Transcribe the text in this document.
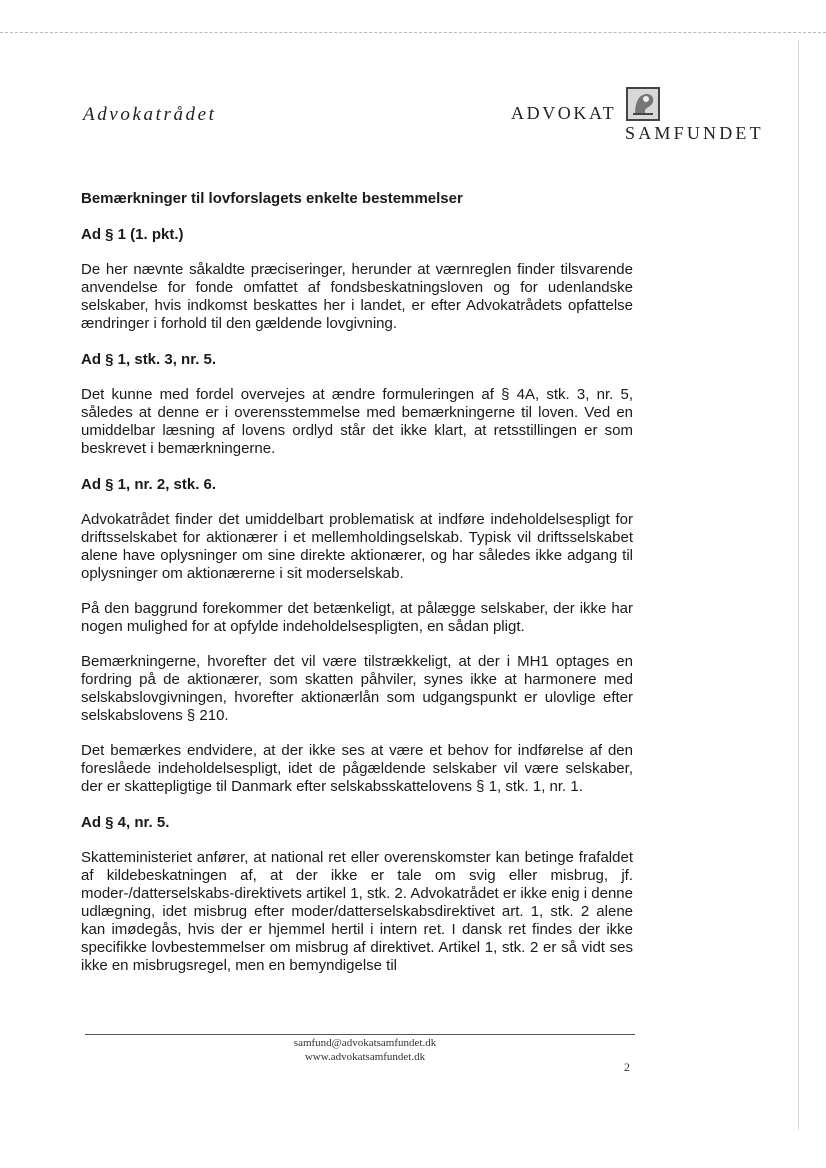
Advokatrådet	ADVOKAT
SAMFUNDET
Bemærkninger til lovforslagets enkelte bestemmelser
Ad § 1 (1. pkt.)

De her nævnte såkaldte præciseringer, herunder at værnreglen finder tilsvarende anvendelse for fonde omfattet af fondsbeskatningsloven og for udenlandske selskaber, hvis indkomst beskattes her i landet, er efter Advokatrådets opfattelse ændringer i forhold til den gældende lovgivning.

Ad § 1, stk. 3, nr. 5.

Det kunne med fordel overvejes at ændre formuleringen af § 4A, stk. 3, nr. 5, således at denne er i overensstemmelse med bemærkningerne til loven. Ved en umiddelbar læsning af lovens ordlyd står det ikke klart, at retsstillingen er som beskrevet i bemærkningerne.

Ad § 1, nr. 2, stk. 6.

Advokatrådet finder det umiddelbart problematisk at indføre indeholdelsespligt for driftsselskabet for aktionærer i et mellemholdingselskab. Typisk vil driftsselskabet alene have oplysninger om sine direkte aktionærer, og har således ikke adgang til oplysninger om aktionærerne i sit moderselskab.

På den baggrund forekommer det betænkeligt, at pålægge selskaber, der ikke har nogen mulighed for at opfylde indeholdelsespligten, en sådan pligt.

Bemærkningerne, hvorefter det vil være tilstrækkeligt, at der i MH1 optages en fordring på de aktionærer, som skatten påhviler, synes ikke at harmonere med selskabslovgivningen, hvorefter aktionærlån som udgangspunkt er ulovlige efter selskabslovens § 210.

Det bemærkes endvidere, at der ikke ses at være et behov for indførelse af den foreslåede indeholdelsespligt, idet de pågældende selskaber vil være selskaber, der er skattepligtige til Danmark efter selskabsskattelovens § 1, stk. 1, nr. 1.

Ad § 4, nr. 5.

Skatteministeriet anfører, at national ret eller overenskomster kan betinge frafaldet af kildebeskatningen af, at der ikke er tale om svig eller misbrug, jf. moder-/datterselskabs-direktivets artikel 1, stk. 2. Advokatrådet er ikke enig i denne udlægning, idet misbrug efter moder/datterselskabsdirektivet art. 1, stk. 2 alene kan imødegås, hvis der er hjemmel hertil i intern ret. I dansk ret findes der ikke specifikke lovbestemmelser om misbrug af direktivet. Artikel 1, stk. 2 er så vidt ses ikke en misbrugsregel, men en bemyndigelse til

samfund@advokatsamfundet.dk
www.advokatsamfundet.dk
2
